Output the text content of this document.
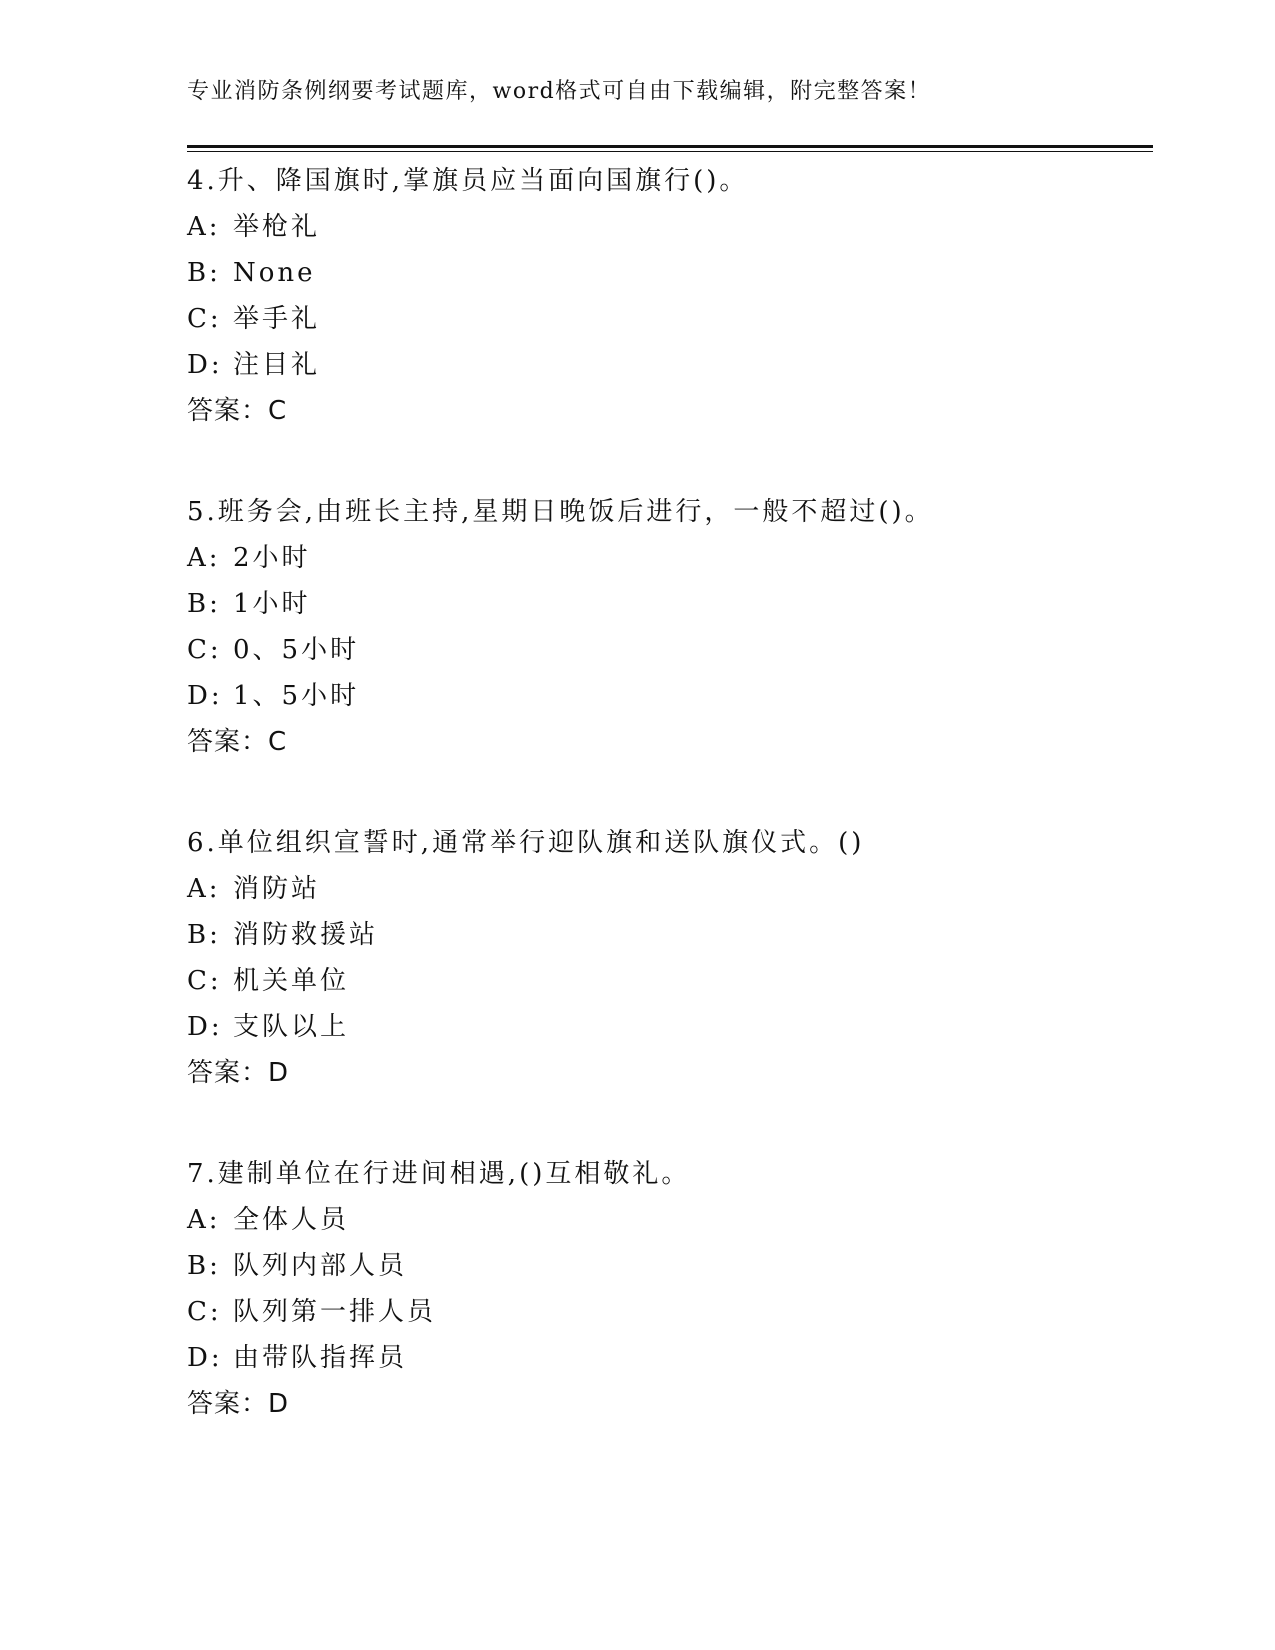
专业消防条例纲要考试题库，word格式可自由下载编辑，附完整答案！
4.升、降国旗时,掌旗员应当面向国旗行()。
A: 举枪礼
B: None
C: 举手礼
D: 注目礼
答案：C
5.班务会,由班长主持,星期日晚饭后进行，一般不超过()。
A: 2小时
B: 1小时
C: 0、5小时
D: 1、5小时
答案：C
6.单位组织宣誓时,通常举行迎队旗和送队旗仪式。()
A: 消防站
B: 消防救援站
C: 机关单位
D: 支队以上
答案：D
7.建制单位在行进间相遇,()互相敬礼。
A: 全体人员
B: 队列内部人员
C: 队列第一排人员
D: 由带队指挥员
答案：D
